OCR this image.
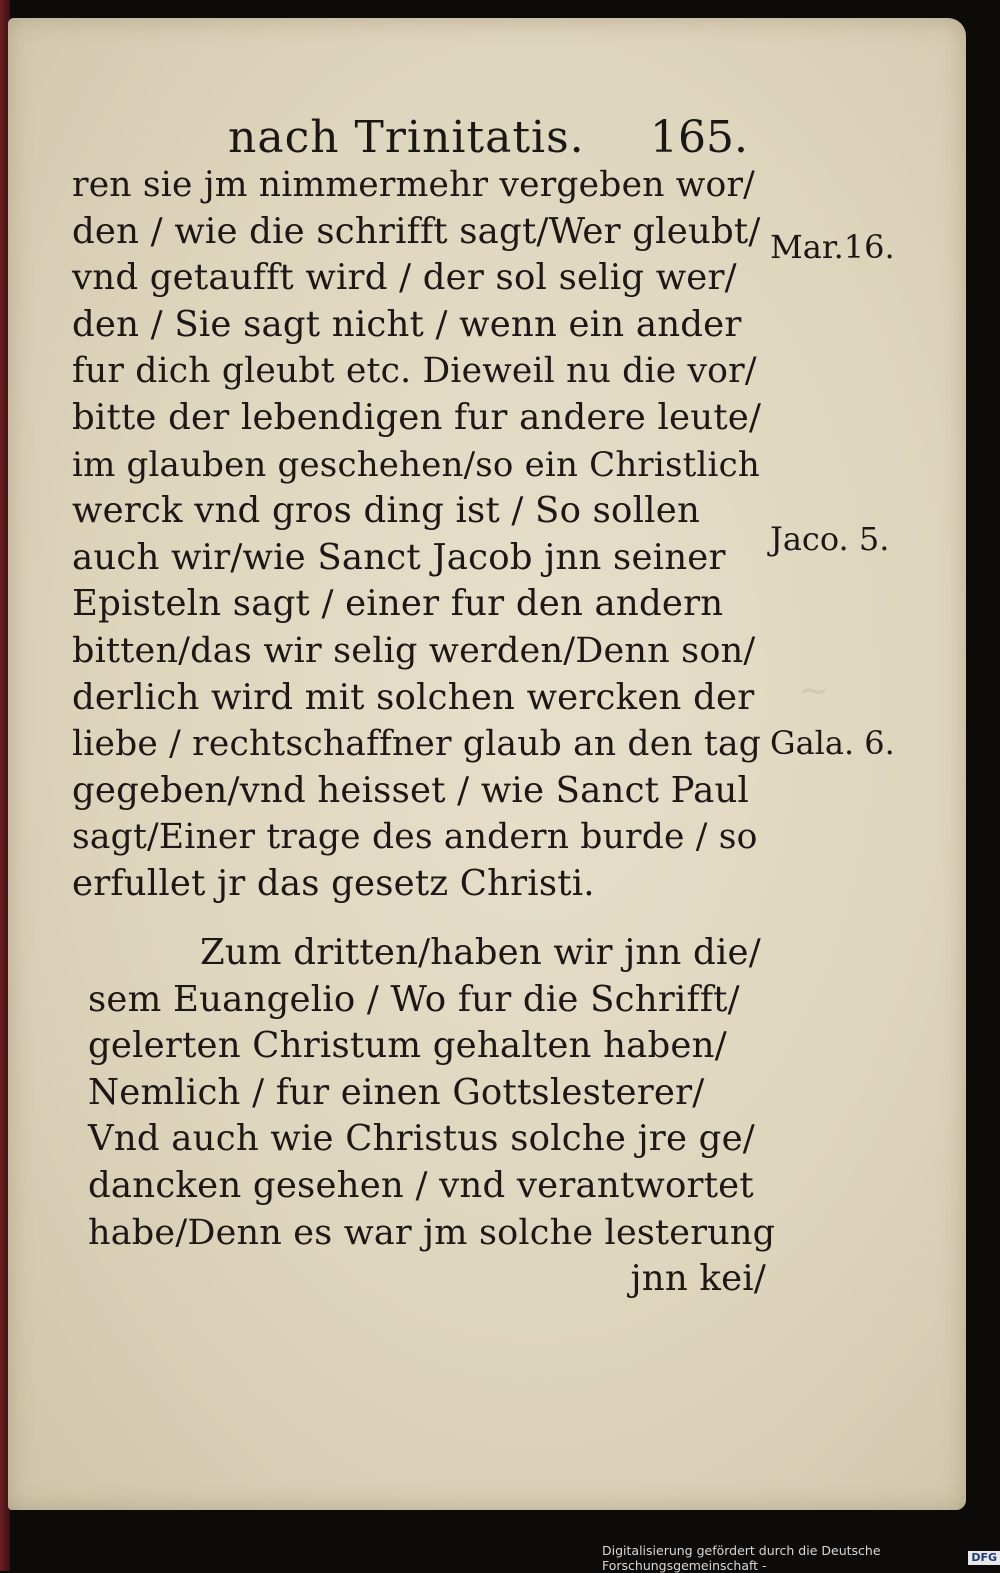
~
nach Trinitatis. 165.
ren sie jm nimmermehr vergeben wor/
den / wie die schrifft sagt/Wer gleubt/
vnd getaufft wird / der sol selig wer/
den / Sie sagt nicht / wenn ein ander
fur dich gleubt etc. Dieweil nu die vor/
bitte der lebendigen fur andere leute/
im glauben geschehen/so ein Christlich
werck vnd gros ding ist / So sollen
auch wir/wie Sanct Jacob jnn seiner
Episteln sagt / einer fur den andern
bitten/das wir selig werden/Denn son/
derlich wird mit solchen wercken der
liebe / rechtschaffner glaub an den tag
gegeben/vnd heisset / wie Sanct Paul
sagt/Einer trage des andern burde / so
erfullet jr das gesetz Christi.
Zum dritten/haben wir jnn die/
sem Euangelio / Wo fur die Schrifft/
gelerten Christum gehalten haben/
Nemlich / fur einen Gottslesterer/
Vnd auch wie Christus solche jre ge/
dancken gesehen / vnd verantwortet
habe/Denn es war jm solche lesterung
jnn kei/
Mar.16.
Jaco. 5.
Gala. 6.
Digitalisierung gefördert durch die Deutsche Forschungsgemeinschaft -
DFG
